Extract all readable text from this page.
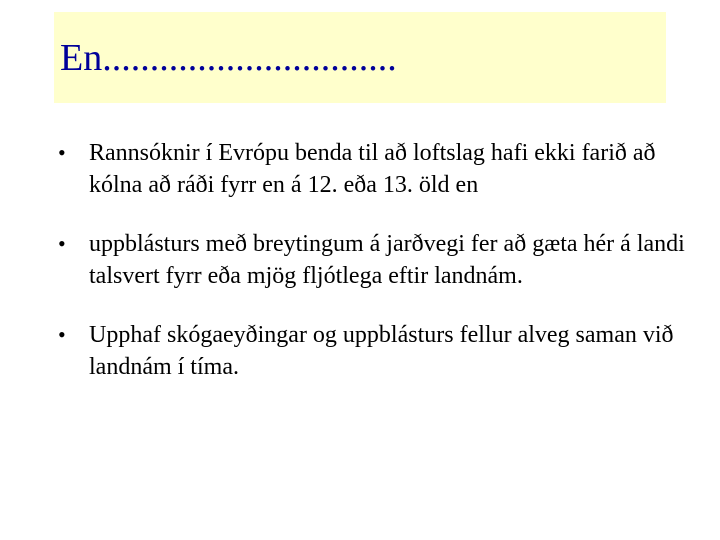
En...............................
• Rannsóknir í Evrópu benda til að loftslag hafi ekki farið að kólna að ráði fyrr en á 12. eða 13. öld en
• uppblásturs með breytingum á jarðvegi fer að gæta hér á landi talsvert fyrr eða mjög fljótlega eftir landnám.
• Upphaf skógaeyðingar og uppblásturs fellur alveg saman við landnám í tíma.
